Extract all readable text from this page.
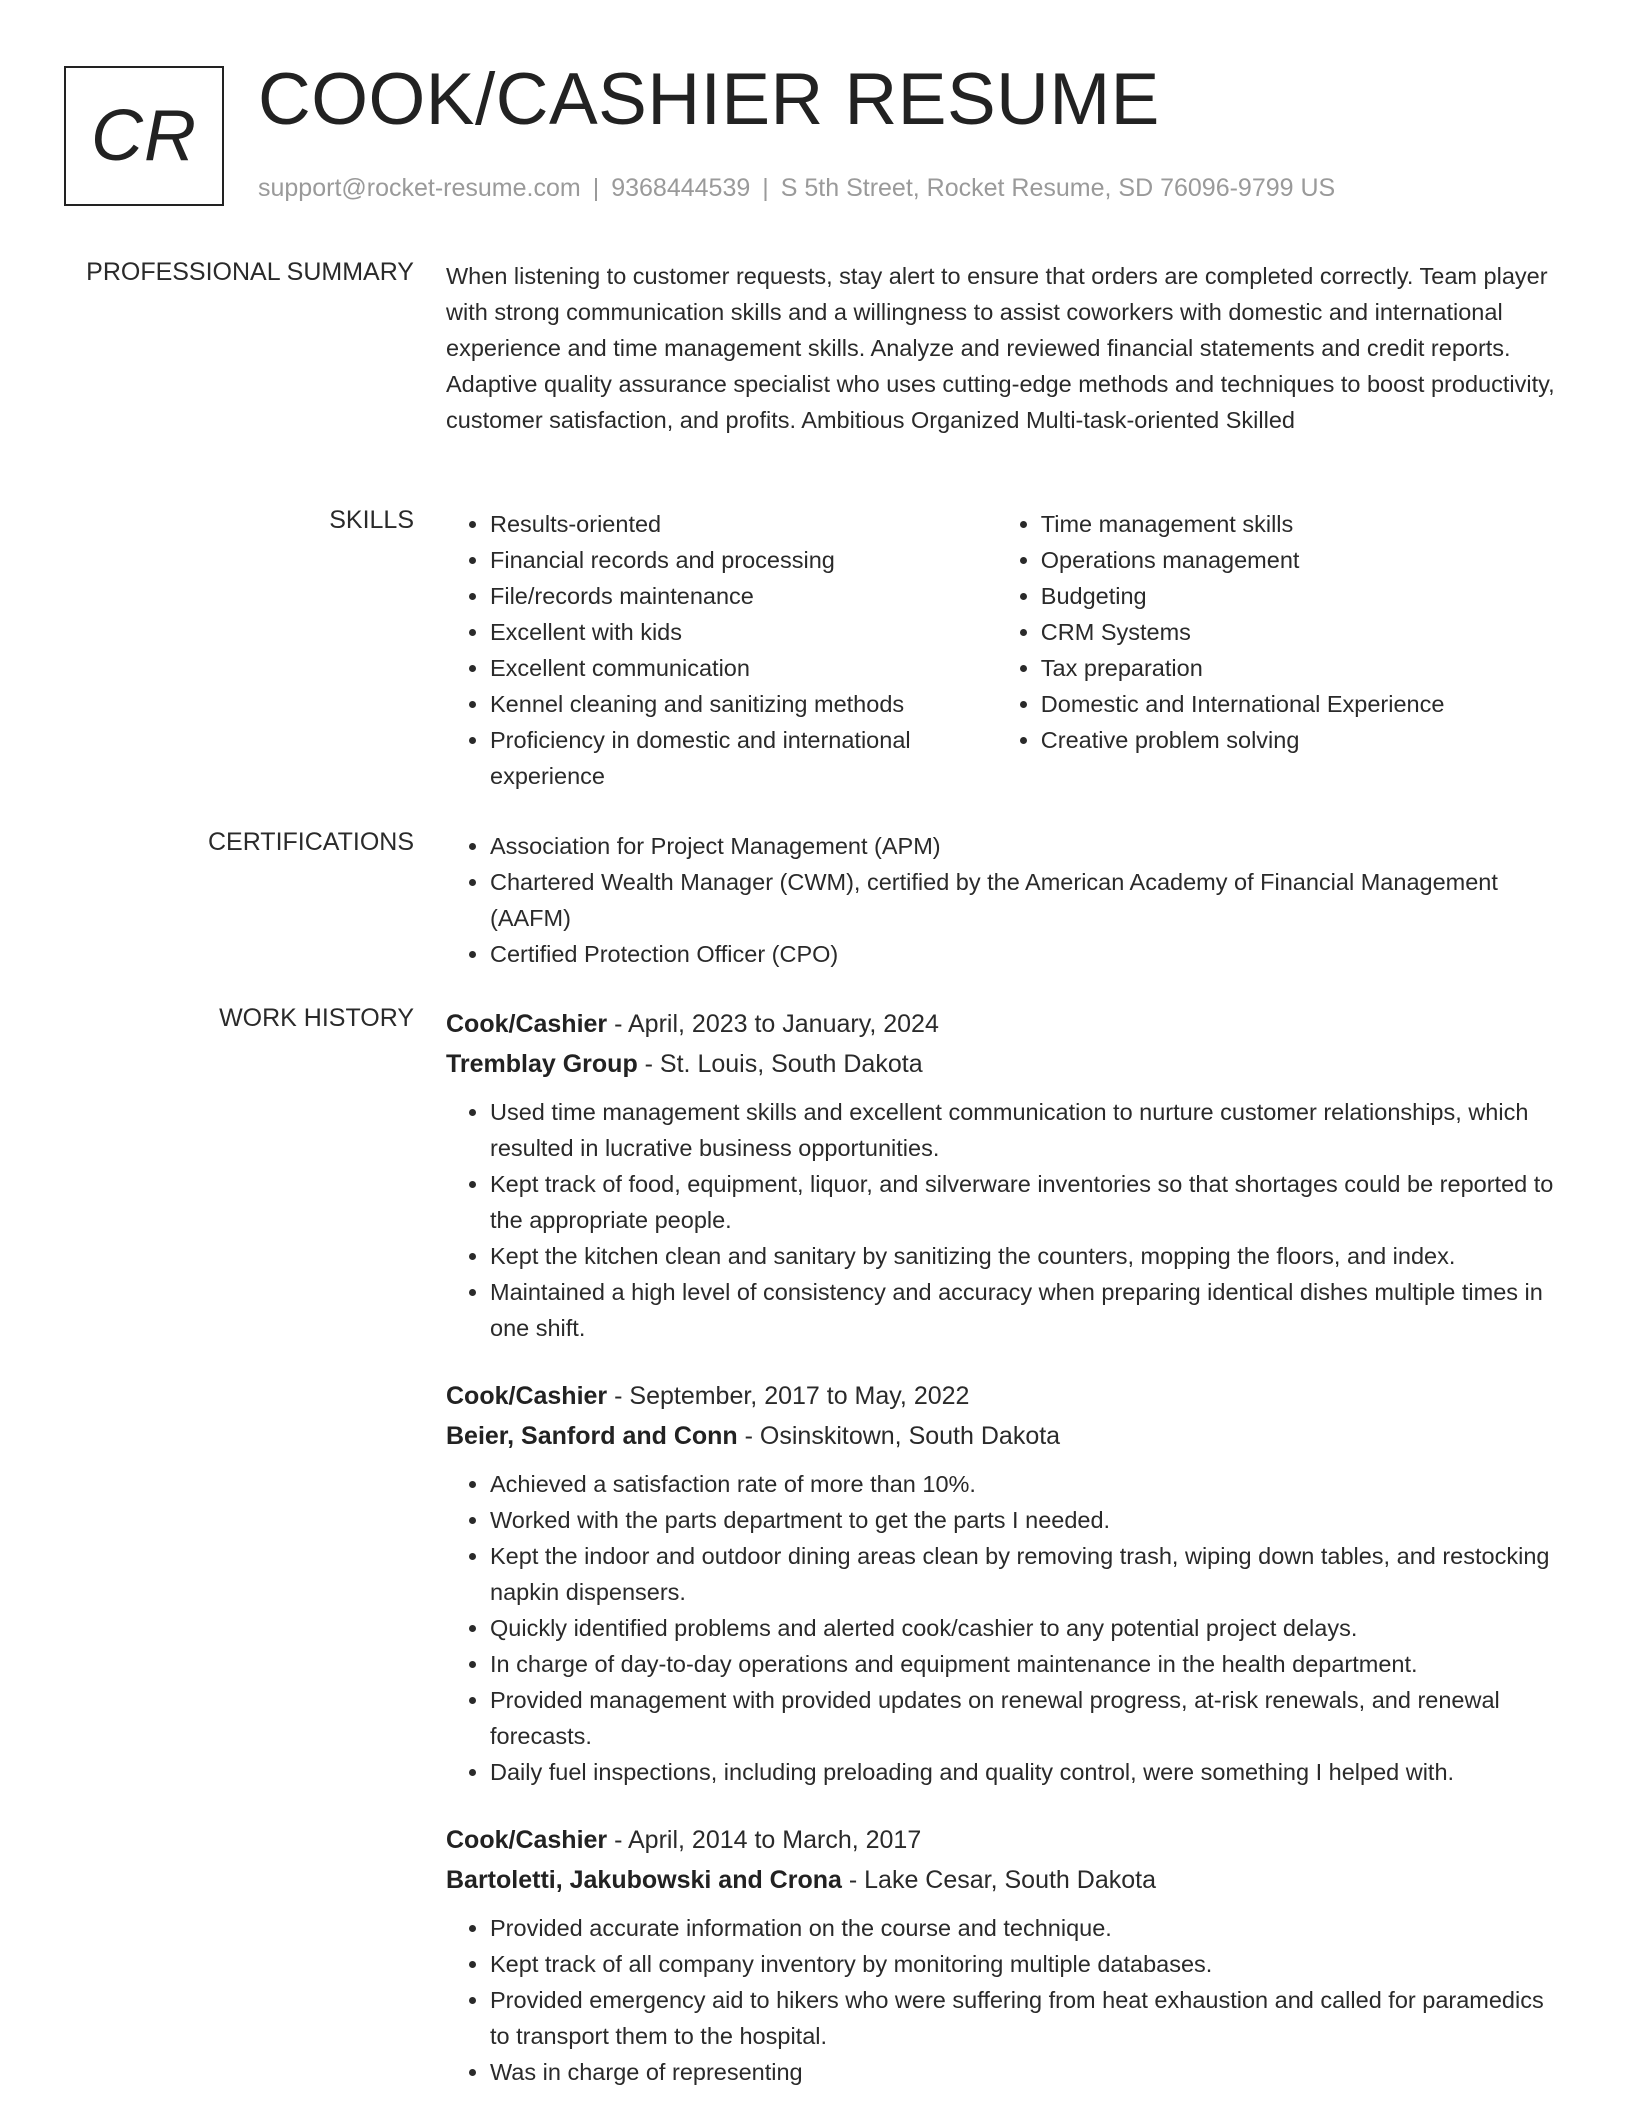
CR COOK/CASHIER RESUME
support@rocket-resume.com | 9368444539 | S 5th Street, Rocket Resume, SD 76096-9799 US
PROFESSIONAL SUMMARY When listening to customer requests, stay alert to ensure that orders are completed correctly. Team player with strong communication skills and a willingness to assist coworkers with domestic and international experience and time management skills. Analyze and reviewed financial statements and credit reports. Adaptive quality assurance specialist who uses cutting-edge methods and techniques to boost productivity, customer satisfaction, and profits. Ambitious Organized Multi-task-oriented Skilled

SKILLS	• Results-oriented
• Financial records and processing
• File/records maintenance
• Excellent with kids
• Excellent communication
• Kennel cleaning and sanitizing methods
• Proficiency in domestic and international experience
• Time management skills
• Operations management
• Budgeting
• CRM Systems
• Tax preparation
• Domestic and International Experience
• Creative problem solving
CERTIFICATIONS	• Association for Project Management (APM)
• Chartered Wealth Manager (CWM), certified by the American Academy of Financial Management (AAFM)
• Certified Protection Officer (CPO)
WORK HISTORY Cook/Cashier - April, 2023 to January, 2024
Tremblay Group - St. Louis, South Dakota
• Used time management skills and excellent communication to nurture customer relationships, which resulted in lucrative business opportunities.
• Kept track of food, equipment, liquor, and silverware inventories so that shortages could be reported to the appropriate people.
• Kept the kitchen clean and sanitary by sanitizing the counters, mopping the floors, and index.
• Maintained a high level of consistency and accuracy when preparing identical dishes multiple times in one shift.
Cook/Cashier - September, 2017 to May, 2022
Beier, Sanford and Conn - Osinskitown, South Dakota
• Achieved a satisfaction rate of more than 10%.
• Worked with the parts department to get the parts I needed.
• Kept the indoor and outdoor dining areas clean by removing trash, wiping down tables, and restocking napkin dispensers.
• Quickly identified problems and alerted cook/cashier to any potential project delays.
• In charge of day-to-day operations and equipment maintenance in the health department.
• Provided management with provided updates on renewal progress, at-risk renewals, and renewal forecasts.
• Daily fuel inspections, including preloading and quality control, were something I helped with.
Cook/Cashier - April, 2014 to March, 2017
Bartoletti, Jakubowski and Crona - Lake Cesar, South Dakota
• Provided accurate information on the course and technique.
• Kept track of all company inventory by monitoring multiple databases.
• Provided emergency aid to hikers who were suffering from heat exhaustion and called for paramedics to transport them to the hospital.
• Was in charge of representing
